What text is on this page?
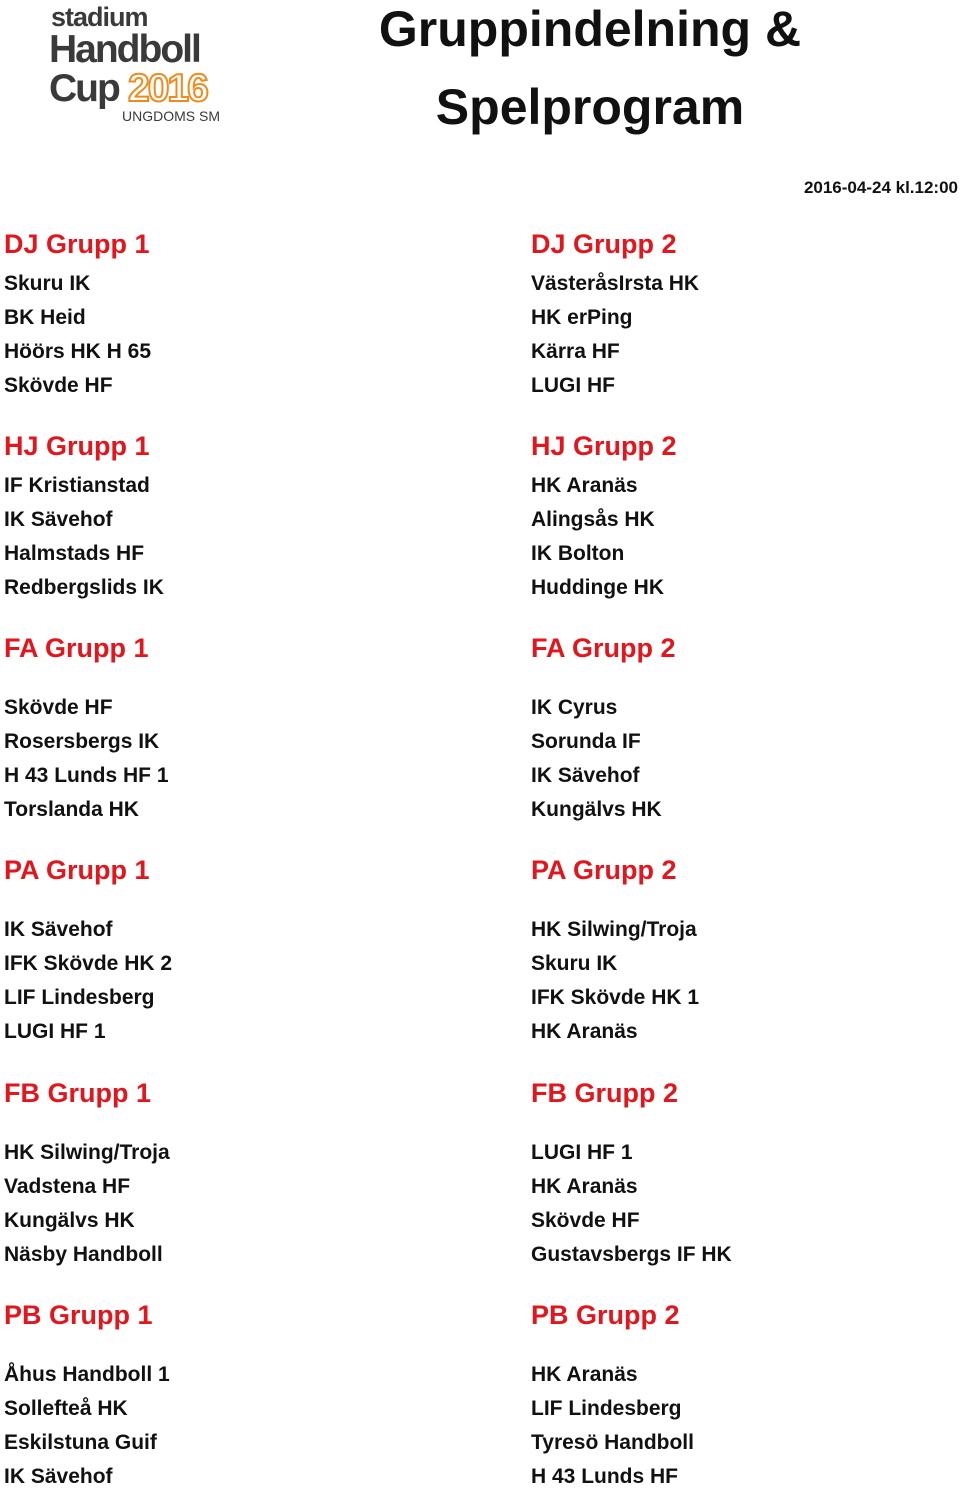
stadium
Handboll
Cup 2016
UNGDOMS SM
Gruppindelning &
Spelprogram
2016-04-24 kl.12:00
DJ Grupp 1
Skuru IK
BK Heid
Höörs HK H 65
Skövde HF
DJ Grupp 2
VästeråsIrsta HK
HK erPing
Kärra HF
LUGI HF
HJ Grupp 1
IF Kristianstad
IK Sävehof
Halmstads HF
Redbergslids IK
HJ Grupp 2
HK Aranäs
Alingsås HK
IK Bolton
Huddinge HK
FA Grupp 1
Skövde HF
Rosersbergs IK
H 43 Lunds HF 1
Torslanda HK
FA Grupp 2
IK Cyrus
Sorunda IF
IK Sävehof
Kungälvs HK
PA Grupp 1
IK Sävehof
IFK Skövde HK 2
LIF Lindesberg
LUGI HF 1
PA Grupp 2
HK Silwing/Troja
Skuru IK
IFK Skövde HK 1
HK Aranäs
FB Grupp 1
HK Silwing/Troja
Vadstena HF
Kungälvs HK
Näsby Handboll
FB Grupp 2
LUGI HF 1
HK Aranäs
Skövde HF
Gustavsbergs IF HK
PB Grupp 1
Åhus Handboll 1
Sollefteå HK
Eskilstuna Guif
IK Sävehof
PB Grupp 2
HK Aranäs
LIF Lindesberg
Tyresö Handboll
H 43 Lunds HF
